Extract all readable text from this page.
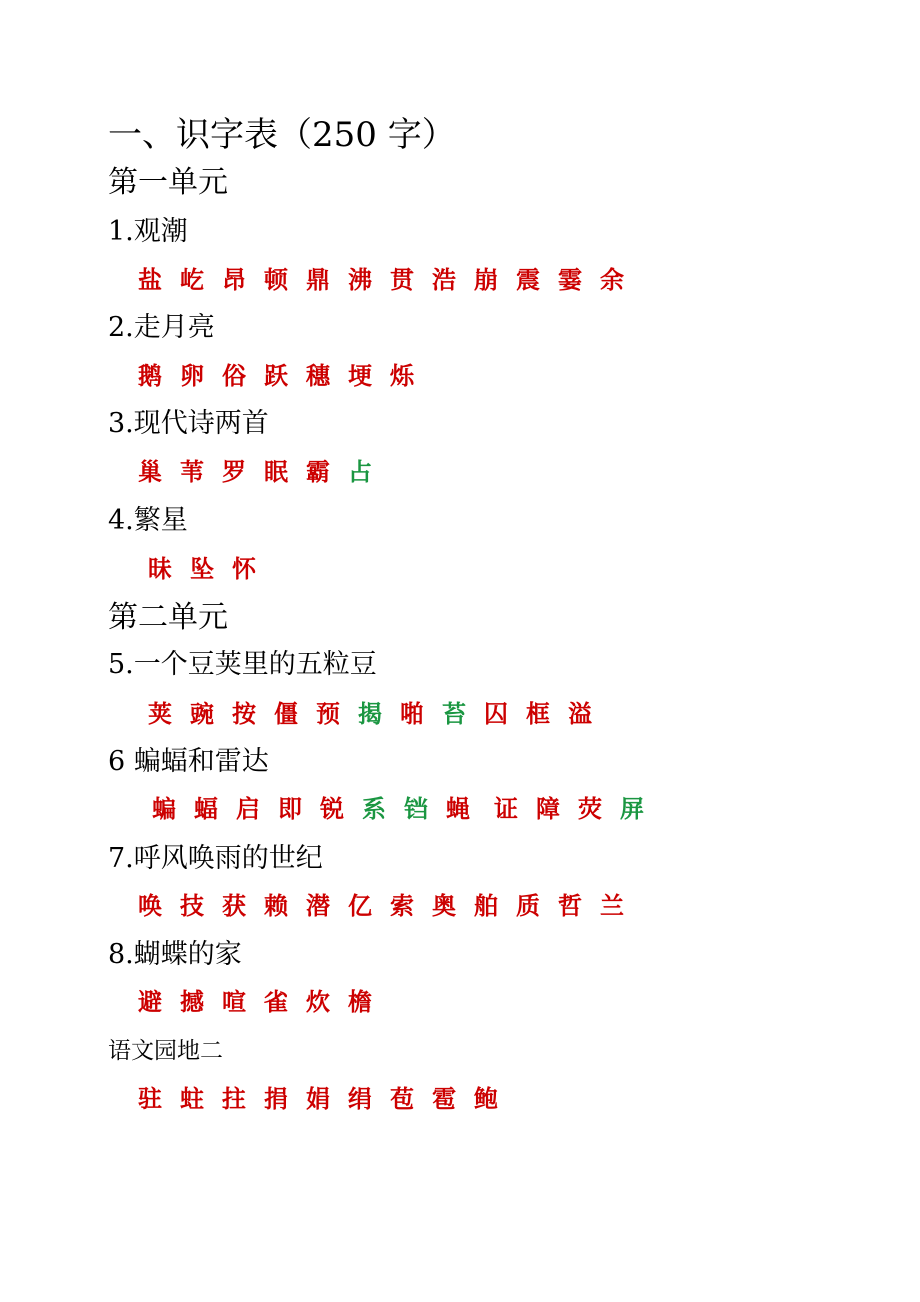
一、识字表（250 字）
第一单元
1.观潮
盐 屹 昂 顿 鼎 沸 贯 浩 崩 震 霎 余
2.走月亮
鹅 卵 俗 跃 穗 埂 烁
3.现代诗两首
巢 苇 罗 眠 霸 占
4.繁星
昧 坠 怀
第二单元
5.一个豆荚里的五粒豆
荚 豌 按 僵 预 揭 啪 苔 囚 框 溢
6 蝙蝠和雷达
蝙 蝠 启 即 锐 系 铛 蝇 证 障 荧 屏
7.呼风唤雨的世纪
唤 技 获 赖 潜 亿 索 奥 舶 质 哲 兰
8.蝴蝶的家
避 撼 喧 雀 炊 檐
语文园地二
驻 蛀 拄 捐 娟 绢 苞 雹 鲍
